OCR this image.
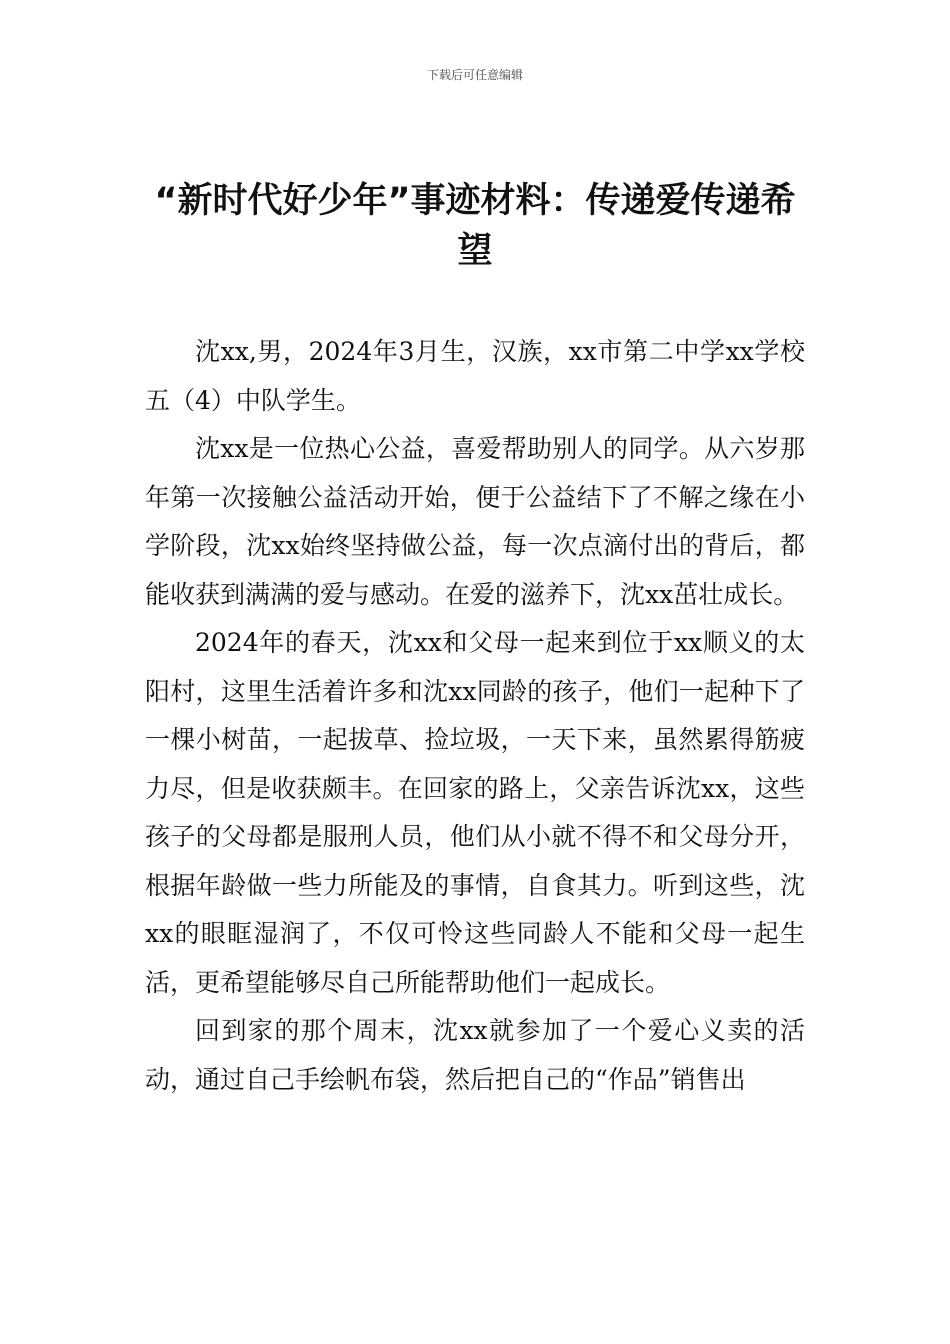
下载后可任意编辑
“新时代好少年”事迹材料：传递爱传递希望

沈xx,男，2024年3月生，汉族，xx市第二中学xx学校五（4）中队学生。

沈xx是一位热心公益，喜爱帮助别人的同学。从六岁那年第一次接触公益活动开始，便于公益结下了不解之缘在小学阶段，沈xx始终坚持做公益，每一次点滴付出的背后，都能收获到满满的爱与感动。在爱的滋养下，沈xx茁壮成长。

2024年的春天，沈xx和父母一起来到位于xx顺义的太阳村，这里生活着许多和沈xx同龄的孩子，他们一起种下了一棵小树苗，一起拔草、捡垃圾，一天下来，虽然累得筋疲力尽，但是收获颇丰。在回家的路上，父亲告诉沈xx，这些孩子的父母都是服刑人员，他们从小就不得不和父母分开，根据年龄做一些力所能及的事情，自食其力。听到这些，沈xx的眼眶湿润了，不仅可怜这些同龄人不能和父母一起生活，更希望能够尽自己所能帮助他们一起成长。

回到家的那个周末，沈xx就参加了一个爱心义卖的活动，通过自己手绘帆布袋，然后把自己的“作品”销售出
